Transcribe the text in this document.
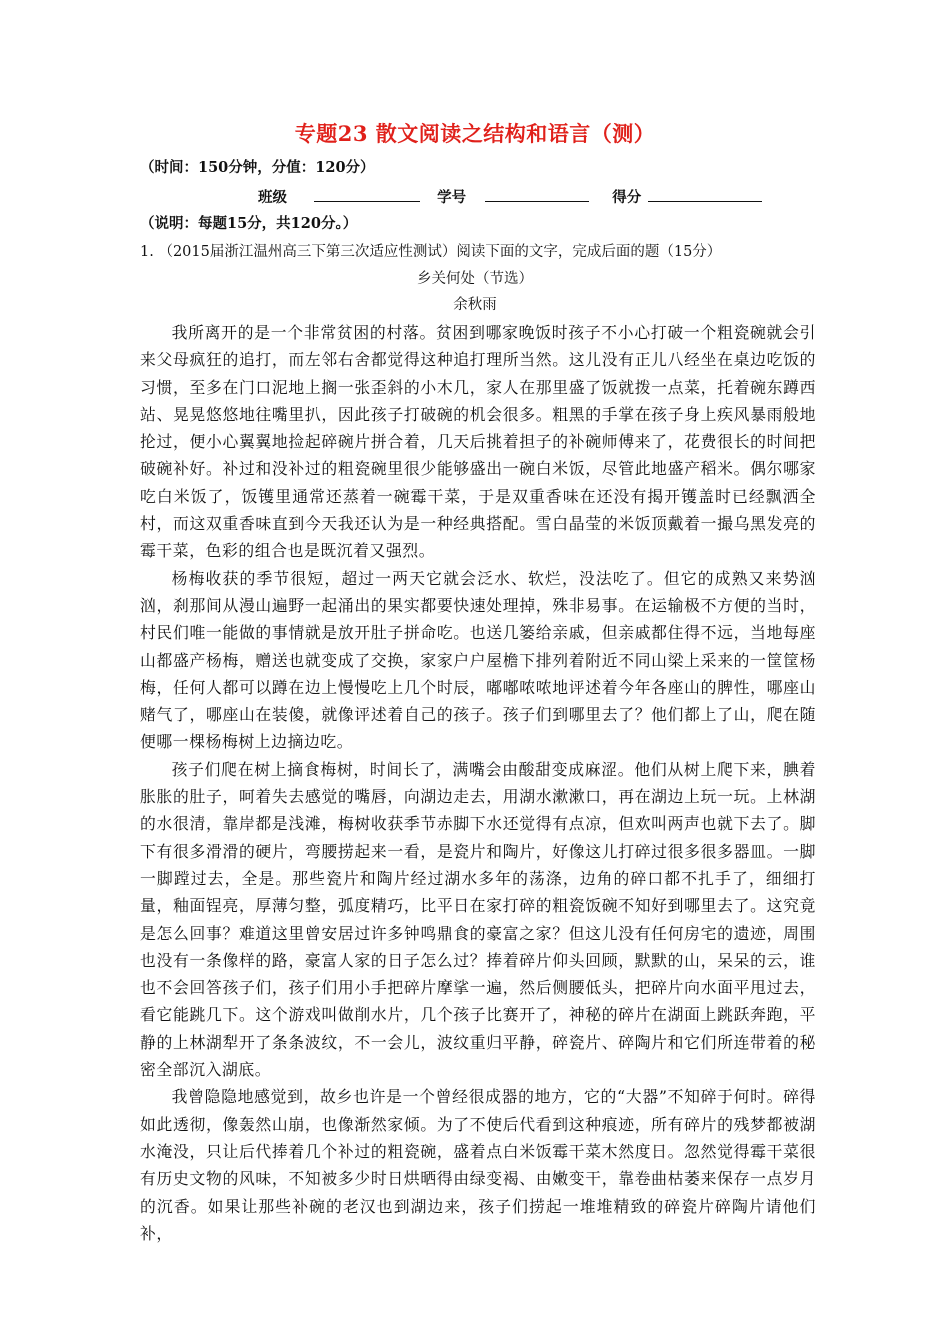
专题23 散文阅读之结构和语言（测）
（时间：150分钟，分值：120分）
班级	学号	得分
（说明：每题15分，共120分。）
1. （2015届浙江温州高三下第三次适应性测试）阅读下面的文字，完成后面的题（15分）
乡关何处（节选）
余秋雨

我所离开的是一个非常贫困的村落。贫困到哪家晚饭时孩子不小心打破一个粗瓷碗就会引来父母疯狂的追打，而左邻右舍都觉得这种追打理所当然。这儿没有正儿八经坐在桌边吃饭的习惯，至多在门口泥地上搁一张歪斜的小木几，家人在那里盛了饭就拨一点菜，托着碗东蹲西站、晃晃悠悠地往嘴里扒，因此孩子打破碗的机会很多。粗黑的手掌在孩子身上疾风暴雨般地抡过，便小心翼翼地捡起碎碗片拼合着，几天后挑着担子的补碗师傅来了，花费很长的时间把破碗补好。补过和没补过的粗瓷碗里很少能够盛出一碗白米饭，尽管此地盛产稻米。偶尔哪家吃白米饭了，饭镬里通常还蒸着一碗霉干菜，于是双重香味在还没有揭开镬盖时已经飘洒全村，而这双重香味直到今天我还认为是一种经典搭配。雪白晶莹的米饭顶戴着一撮乌黑发亮的霉干菜，色彩的组合也是既沉着又强烈。

杨梅收获的季节很短，超过一两天它就会泛水、软烂，没法吃了。但它的成熟又来势汹汹，刹那间从漫山遍野一起涌出的果实都要快速处理掉，殊非易事。在运输极不方便的当时，村民们唯一能做的事情就是放开肚子拼命吃。也送几篓给亲戚，但亲戚都住得不远，当地每座山都盛产杨梅，赠送也就变成了交换，家家户户屋檐下排列着附近不同山梁上采来的一筐筐杨梅，任何人都可以蹲在边上慢慢吃上几个时辰，嘟嘟哝哝地评述着今年各座山的脾性，哪座山赌气了，哪座山在装傻，就像评述着自己的孩子。孩子们到哪里去了？他们都上了山，爬在随便哪一棵杨梅树上边摘边吃。

孩子们爬在树上摘食梅树，时间长了，满嘴会由酸甜变成麻涩。他们从树上爬下来，腆着胀胀的肚子，呵着失去感觉的嘴唇，向湖边走去，用湖水漱漱口，再在湖边上玩一玩。上林湖的水很清，靠岸都是浅滩，梅树收获季节赤脚下水还觉得有点凉，但欢叫两声也就下去了。脚下有很多滑滑的硬片，弯腰捞起来一看，是瓷片和陶片，好像这儿打碎过很多很多器皿。一脚一脚蹚过去，全是。那些瓷片和陶片经过湖水多年的荡涤，边角的碎口都不扎手了，细细打量，釉面锃亮，厚薄匀整，弧度精巧，比平日在家打碎的粗瓷饭碗不知好到哪里去了。这究竟是怎么回事？难道这里曾安居过许多钟鸣鼎食的豪富之家？但这儿没有任何房宅的遗迹，周围也没有一条像样的路，豪富人家的日子怎么过？捧着碎片仰头回顾，默默的山，呆呆的云，谁也不会回答孩子们，孩子们用小手把碎片摩挲一遍，然后侧腰低头，把碎片向水面平甩过去，看它能跳几下。这个游戏叫做削水片，几个孩子比赛开了，神秘的碎片在湖面上跳跃奔跑，平静的上林湖犁开了条条波纹，不一会儿，波纹重归平静，碎瓷片、碎陶片和它们所连带着的秘密全部沉入湖底。

我曾隐隐地感觉到，故乡也许是一个曾经很成器的地方，它的“大器”不知碎于何时。碎得如此透彻，像轰然山崩，也像渐然家倾。为了不使后代看到这种痕迹，所有碎片的残梦都被湖水淹没，只让后代捧着几个补过的粗瓷碗，盛着点白米饭霉干菜木然度日。忽然觉得霉干菜很有历史文物的风味，不知被多少时日烘晒得由绿变褐、由嫩变干，靠卷曲枯萎来保存一点岁月的沉香。如果让那些补碗的老汉也到湖边来，孩子们捞起一堆堆精致的碎瓷片碎陶片请他们补，
